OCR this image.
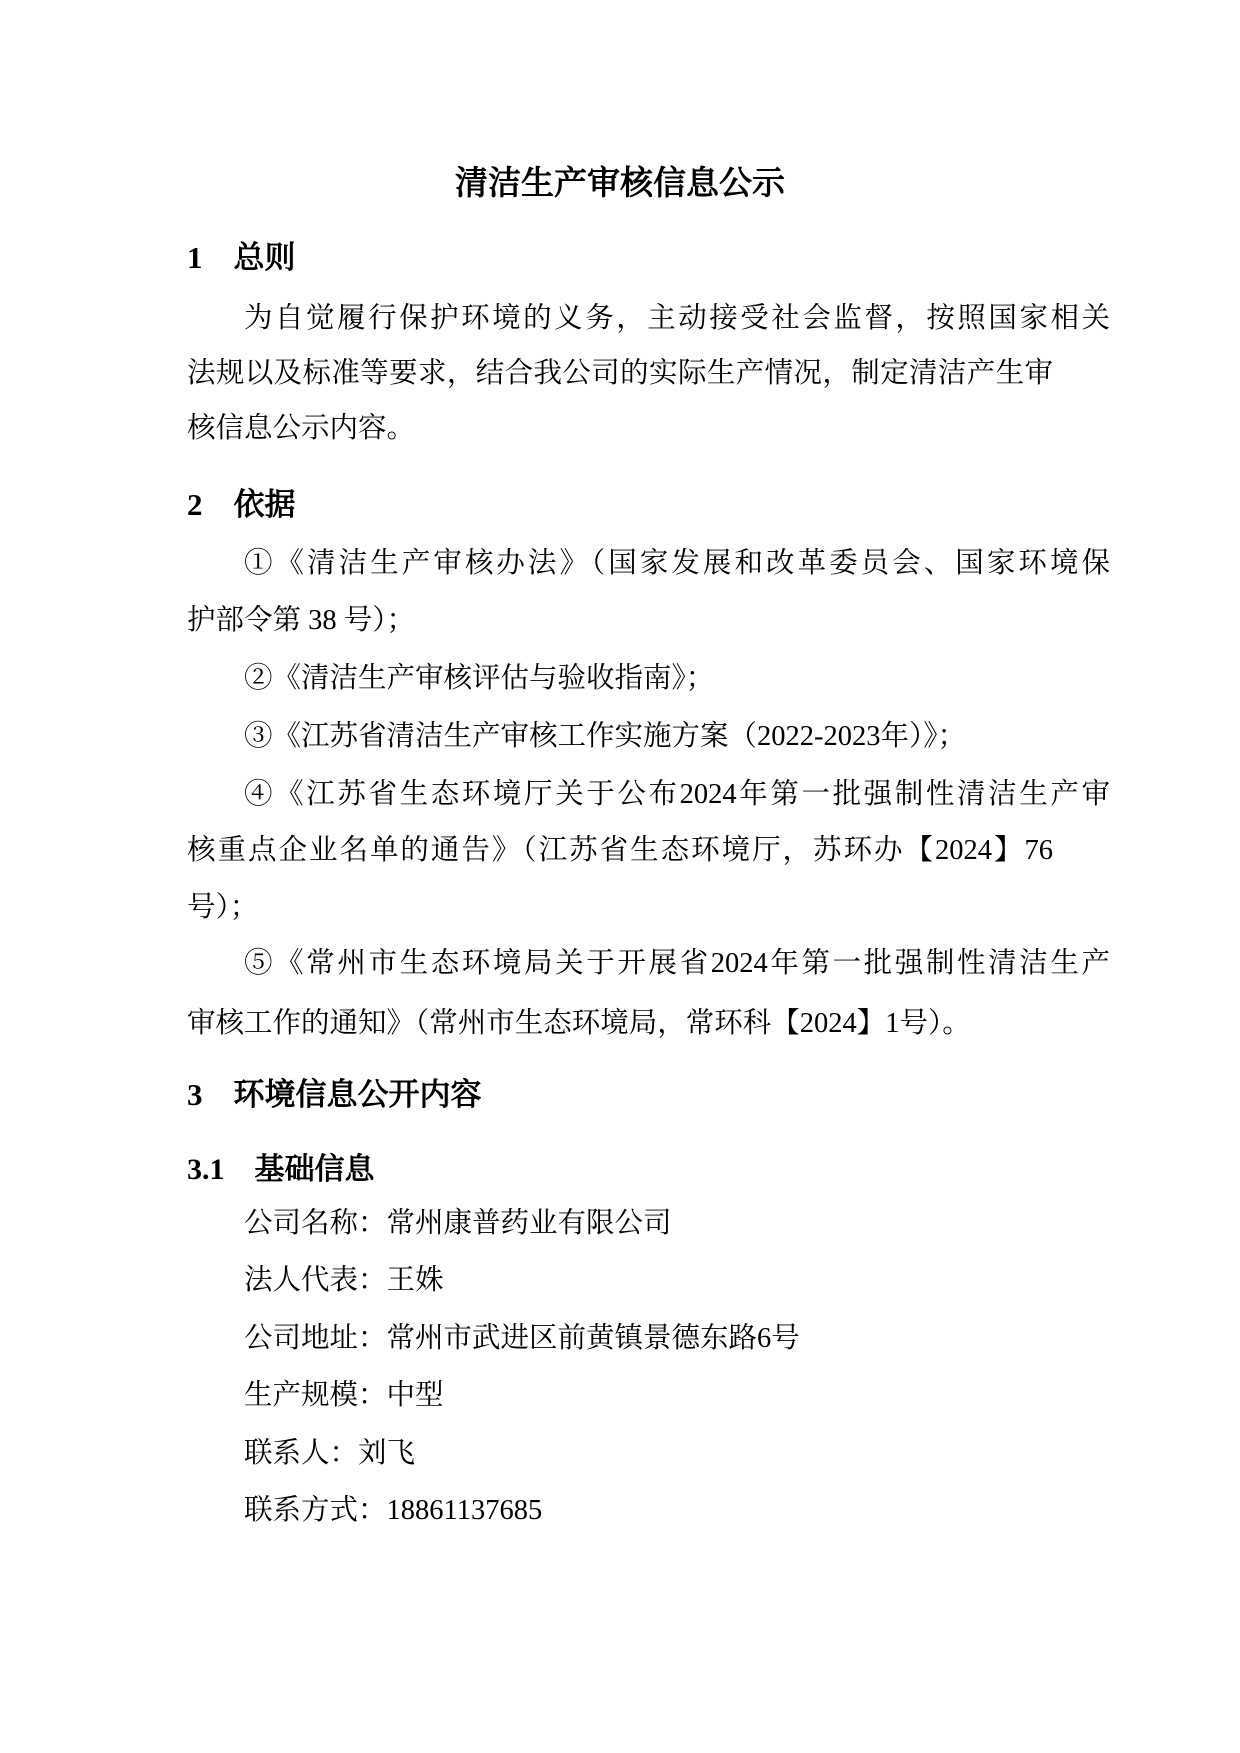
清洁生产审核信息公示
1　总则
为自觉履行保护环境的义务，主动接受社会监督，按照国家相关
法规以及标准等要求，结合我公司的实际生产情况，制定清洁产生审
核信息公示内容。
2　依据
①《清洁生产审核办法》（国家发展和改革委员会、国家环境保
护部令第 38 号）；
②《清洁生产审核评估与验收指南》；
③《江苏省清洁生产审核工作实施方案（2022-2023年）》；
④《江苏省生态环境厅关于公布2024年第一批强制性清洁生产审
核重点企业名单的通告》（江苏省生态环境厅，苏环办【2024】76
号）；
⑤《常州市生态环境局关于开展省2024年第一批强制性清洁生产
审核工作的通知》（常州市生态环境局，常环科【2024】1号）。
3　环境信息公开内容
3.1　基础信息
公司名称：常州康普药业有限公司
法人代表：王姝
公司地址：常州市武进区前黄镇景德东路6号
生产规模：中型
联系人：刘飞
联系方式：18861137685
